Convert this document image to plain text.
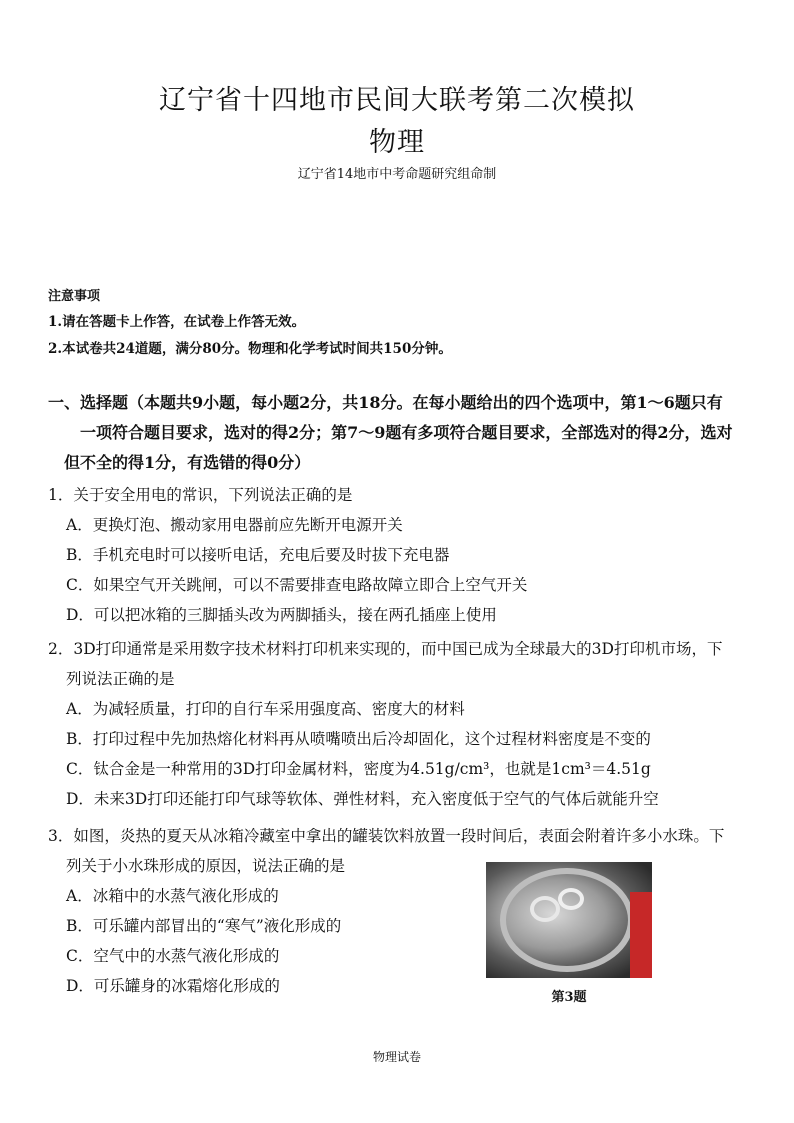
辽宁省十四地市民间大联考第二次模拟
物理
辽宁省14地市中考命题研究组命制
注意事项
1.请在答题卡上作答，在试卷上作答无效。
2.本试卷共24道题，满分80分。物理和化学考试时间共150分钟。
一、选择题（本题共9小题，每小题2分，共18分。在每小题给出的四个选项中，第1～6题只有
一项符合题目要求，选对的得2分；第7～9题有多项符合题目要求，全部选对的得2分，选对
但不全的得1分，有选错的得0分）
1．关于安全用电的常识，下列说法正确的是
A．更换灯泡、搬动家用电器前应先断开电源开关
B．手机充电时可以接听电话，充电后要及时拔下充电器
C．如果空气开关跳闸，可以不需要排查电路故障立即合上空气开关
D．可以把冰箱的三脚插头改为两脚插头，接在两孔插座上使用
2．3D打印通常是采用数字技术材料打印机来实现的，而中国已成为全球最大的3D打印机市场，下
列说法正确的是
A．为减轻质量，打印的自行车采用强度高、密度大的材料
B．打印过程中先加热熔化材料再从喷嘴喷出后冷却固化，这个过程材料密度是不变的
C．钛合金是一种常用的3D打印金属材料，密度为4.51g/cm³，也就是1cm³＝4.51g
D．未来3D打印还能打印气球等软体、弹性材料，充入密度低于空气的气体后就能升空
3．如图，炎热的夏天从冰箱冷藏室中拿出的罐装饮料放置一段时间后，表面会附着许多小水珠。下
列关于小水珠形成的原因，说法正确的是
A．冰箱中的水蒸气液化形成的
B．可乐罐内部冒出的“寒气”液化形成的
C．空气中的水蒸气液化形成的
D．可乐罐身的冰霜熔化形成的
第3题
物理试卷
